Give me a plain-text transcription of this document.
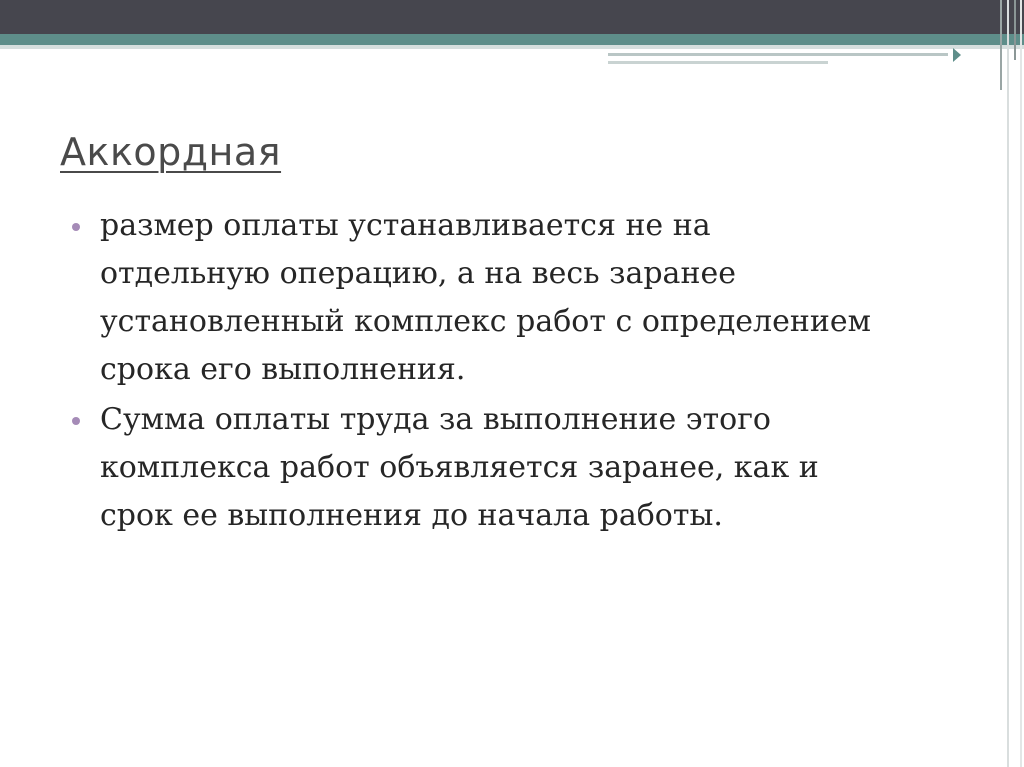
Аккордная
размер оплаты устанавливается не на отдельную операцию, а на весь заранее установленный комплекс работ с определением срока его выполнения.
Сумма оплаты труда за выполнение этого комплекса работ объявляется заранее, как и срок ее выполнения до начала работы.
